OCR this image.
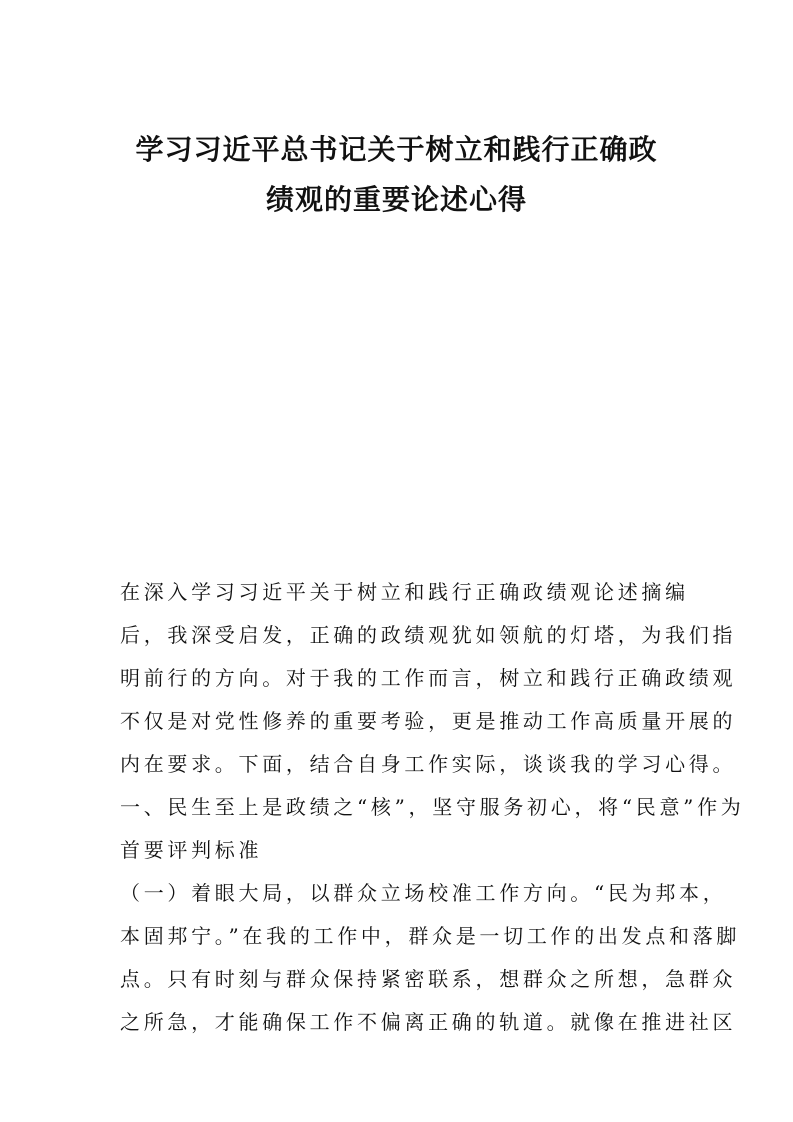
学习习近平总书记关于树立和践行正确政
绩观的重要论述心得

在深入学习习近平关于树立和践行正确政绩观论述摘编

后，我深受启发，正确的政绩观犹如领航的灯塔，为我们指

明前行的方向。对于我的工作而言，树立和践行正确政绩观

不仅是对党性修养的重要考验，更是推动工作高质量开展的

内在要求。下面，结合自身工作实际，谈谈我的学习心得。

一、民生至上是政绩之“核”，坚守服务初心，将“民意”作为

首要评判标准

（一）着眼大局，以群众立场校准工作方向。“民为邦本，

本固邦宁。”在我的工作中，群众是一切工作的出发点和落脚

点。只有时刻与群众保持紧密联系，想群众之所想，急群众

之所急，才能确保工作不偏离正确的轨道。就像在推进社区
